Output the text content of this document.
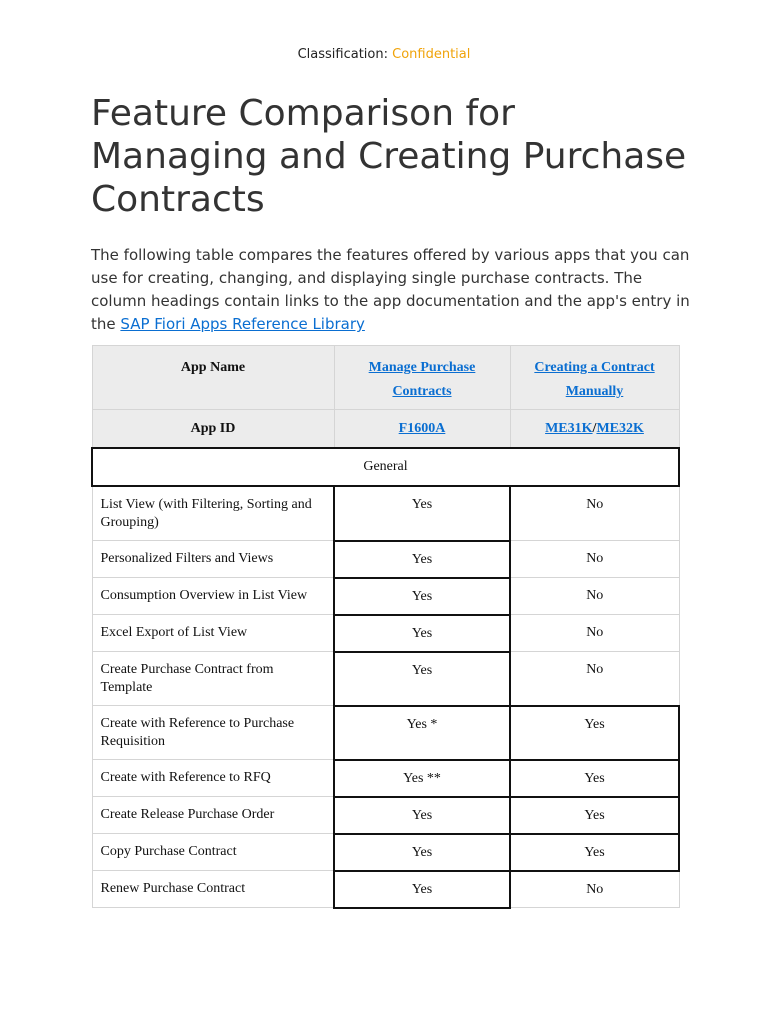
Classification: Confidential
Feature Comparison for Managing and Creating Purchase Contracts

The following table compares the features offered by various apps that you can use for creating, changing, and displaying single purchase contracts. The column headings contain links to the app documentation and the app's entry in the SAP Fiori Apps Reference Library

App Name	Manage Purchase Contracts	Creating a Contract Manually
App ID	F1600A	ME31K/ME32K
General		
List View (with Filtering, Sorting and Grouping)	Yes	No
Personalized Filters and Views	Yes	No
Consumption Overview in List View	Yes	No
Excel Export of List View	Yes	No
Create Purchase Contract from Template	Yes	No
Create with Reference to Purchase Requisition	Yes *	Yes
Create with Reference to RFQ	Yes **	Yes
Create Release Purchase Order	Yes	Yes
Copy Purchase Contract	Yes	Yes
Renew Purchase Contract	Yes	No
